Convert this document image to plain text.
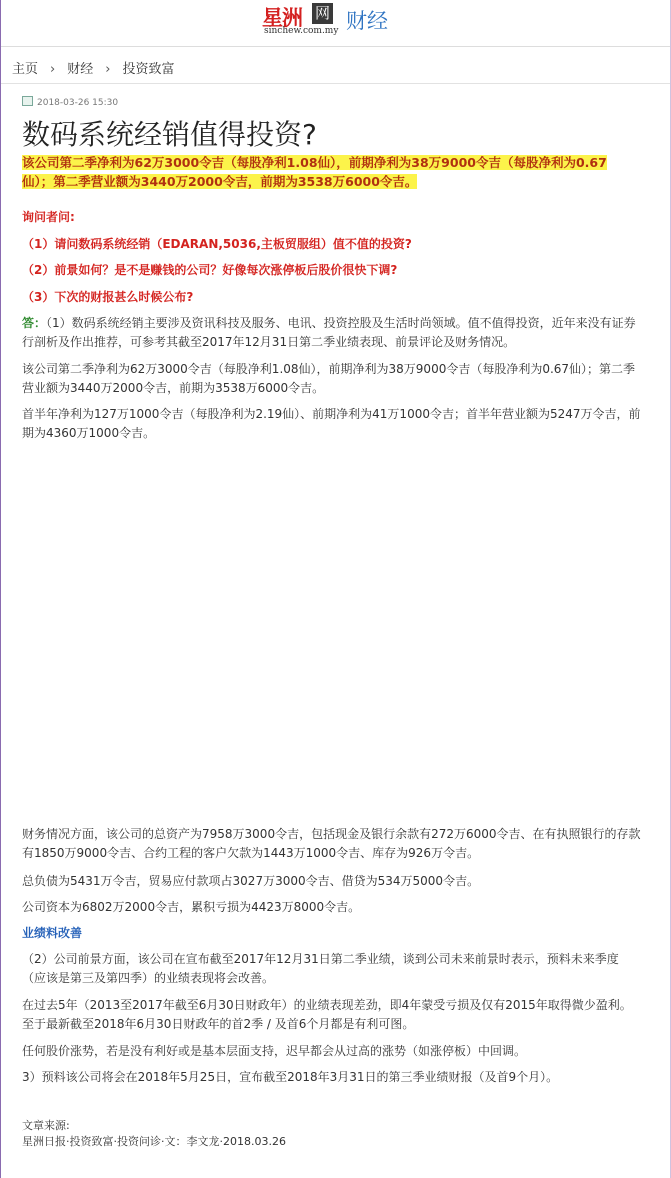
星洲 网
sinchew.com.my 财经
主页 › 财经 › 投资致富
2018-03-26 15:30
数码系统经销值得投资?
该公司第二季净利为62万3000令吉（每股净利1.08仙），前期净利为38万9000令吉（每股净利为0.67
仙）；第二季营业额为3440万2000令吉，前期为3538万6000令吉。
询问者问:
（1）请问数码系统经销（EDARAN,5036,主板贸服组）值不值的投资?
（2）前景如何？是不是赚钱的公司？好像每次涨停板后股价很快下调?
（3）下次的财报甚么时候公布?

答：（1）数码系统经销主要涉及资讯科技及服务、电讯、投资控股及生活时尚领域。值不值得投资，近年来没有证券行剖析及作出推荐，可参考其截至2017年12月31日第二季业绩表现、前景评论及财务情况。

该公司第二季净利为62万3000令吉（每股净利1.08仙），前期净利为38万9000令吉（每股净利为0.67仙）；第二季营业额为3440万2000令吉，前期为3538万6000令吉。

首半年净利为127万1000令吉（每股净利为2.19仙）、前期净利为41万1000令吉；首半年营业额为5247万令吉，前期为4360万1000令吉。

财务情况方面，该公司的总资产为7958万3000令吉，包括现金及银行余款有272万6000令吉、在有执照银行的存款有1850万9000令吉、合约工程的客户欠款为1443万1000令吉、库存为926万令吉。

总负债为5431万令吉，贸易应付款项占3027万3000令吉、借贷为534万5000令吉。

公司资本为6802万2000令吉，累积亏损为4423万8000令吉。

业绩料改善

（2）公司前景方面，该公司在宣布截至2017年12月31日第二季业绩，谈到公司未来前景时表示，预料未来季度（应该是第三及第四季）的业绩表现将会改善。

在过去5年（2013至2017年截至6月30日财政年）的业绩表现差劲，即4年蒙受亏损及仅有2015年取得微少盈利。至于最新截至2018年6月30日财政年的首2季 / 及首6个月都是有利可图。

任何股价涨势，若是没有利好或是基本层面支持，迟早都会从过高的涨势（如涨停板）中回调。

3）预料该公司将会在2018年5月25日，宣布截至2018年3月31日的第三季业绩财报（及首9个月）。

文章来源:
星洲日报·投资致富·投资问诊·文：李文龙·2018.03.26
